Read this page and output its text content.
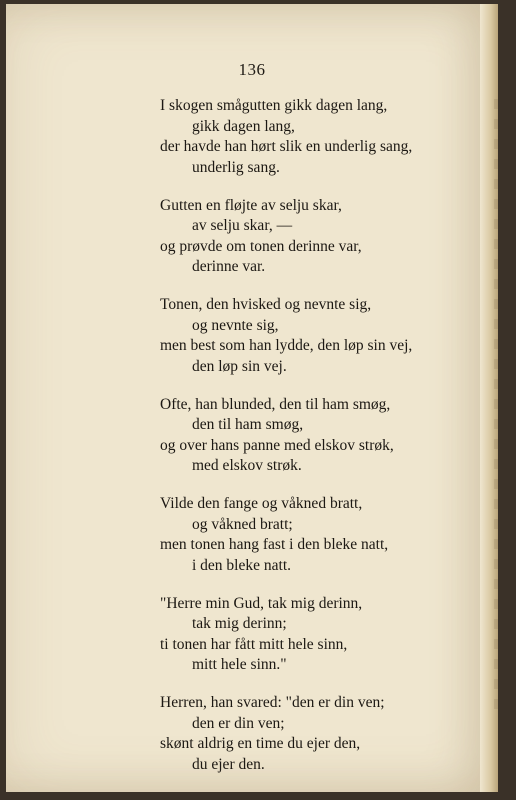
136
I skogen smågutten gikk dagen lang,
gikk dagen lang,
der havde han hørt slik en underlig sang,
underlig sang.
Gutten en fløjte av selju skar,
av selju skar, —
og prøvde om tonen derinne var,
derinne var.
Tonen, den hvisked og nevnte sig,
og nevnte sig,
men best som han lydde, den løp sin vej,
den løp sin vej.
Ofte, han blunded, den til ham smøg,
den til ham smøg,
og over hans panne med elskov strøk,
med elskov strøk.
Vilde den fange og våkned bratt,
og våkned bratt;
men tonen hang fast i den bleke natt,
i den bleke natt.
"Herre min Gud, tak mig derinn,
tak mig derinn;
ti tonen har fått mitt hele sinn,
mitt hele sinn."
Herren, han svared: "den er din ven;
den er din ven;
skønt aldrig en time du ejer den,
du ejer den.
